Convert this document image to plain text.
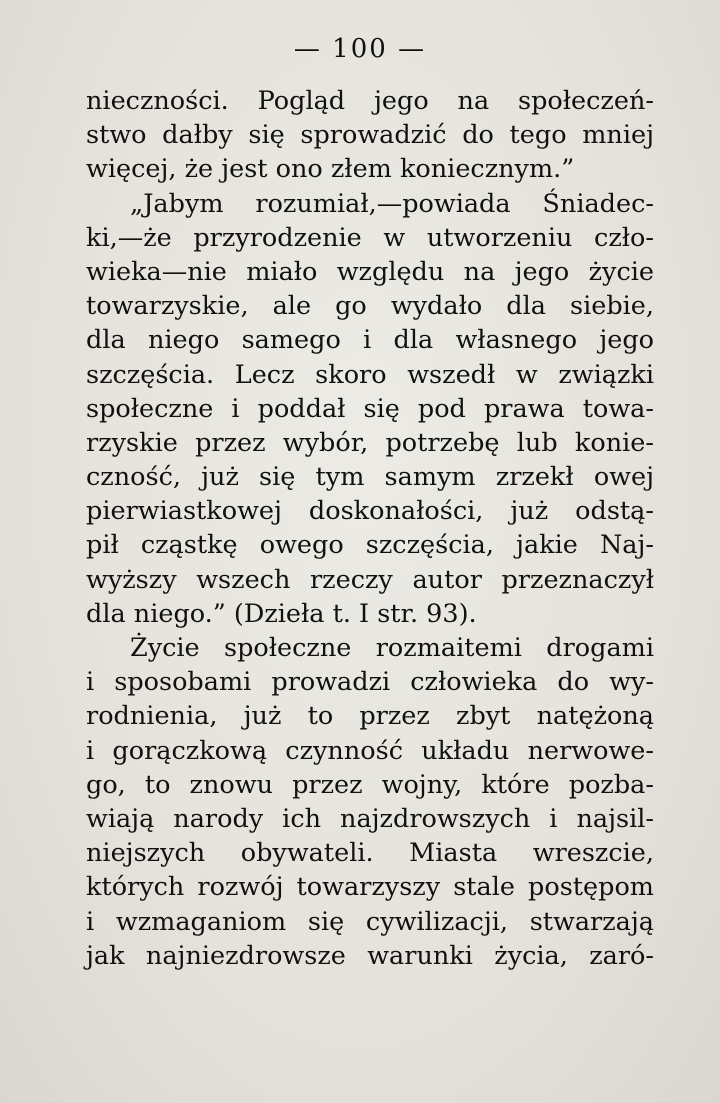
— 100 —
nieczności. Pogląd jego na społeczeń-
stwo dałby się sprowadzić do tego mniej
więcej, że jest ono złem koniecznym.”
„Jabym rozumiał,—powiada Śniadec-
ki,—że przyrodzenie w utworzeniu czło-
wieka—nie miało względu na jego życie
towarzyskie, ale go wydało dla siebie,
dla niego samego i dla własnego jego
szczęścia. Lecz skoro wszedł w związki
społeczne i poddał się pod prawa towa-
rzyskie przez wybór, potrzebę lub konie-
czność, już się tym samym zrzekł owej
pierwiastkowej doskonałości, już odstą-
pił cząstkę owego szczęścia, jakie Naj-
wyższy wszech rzeczy autor przeznaczył
dla niego.” (Dzieła t. I str. 93).
Życie społeczne rozmaitemi drogami
i sposobami prowadzi człowieka do wy-
rodnienia, już to przez zbyt natężoną
i gorączkową czynność układu nerwowe-
go, to znowu przez wojny, które pozba-
wiają narody ich najzdrowszych i najsil-
niejszych obywateli. Miasta wreszcie,
których rozwój towarzyszy stale postępom
i wzmaganiom się cywilizacji, stwarzają
jak najniezdrowsze warunki życia, zaró-
